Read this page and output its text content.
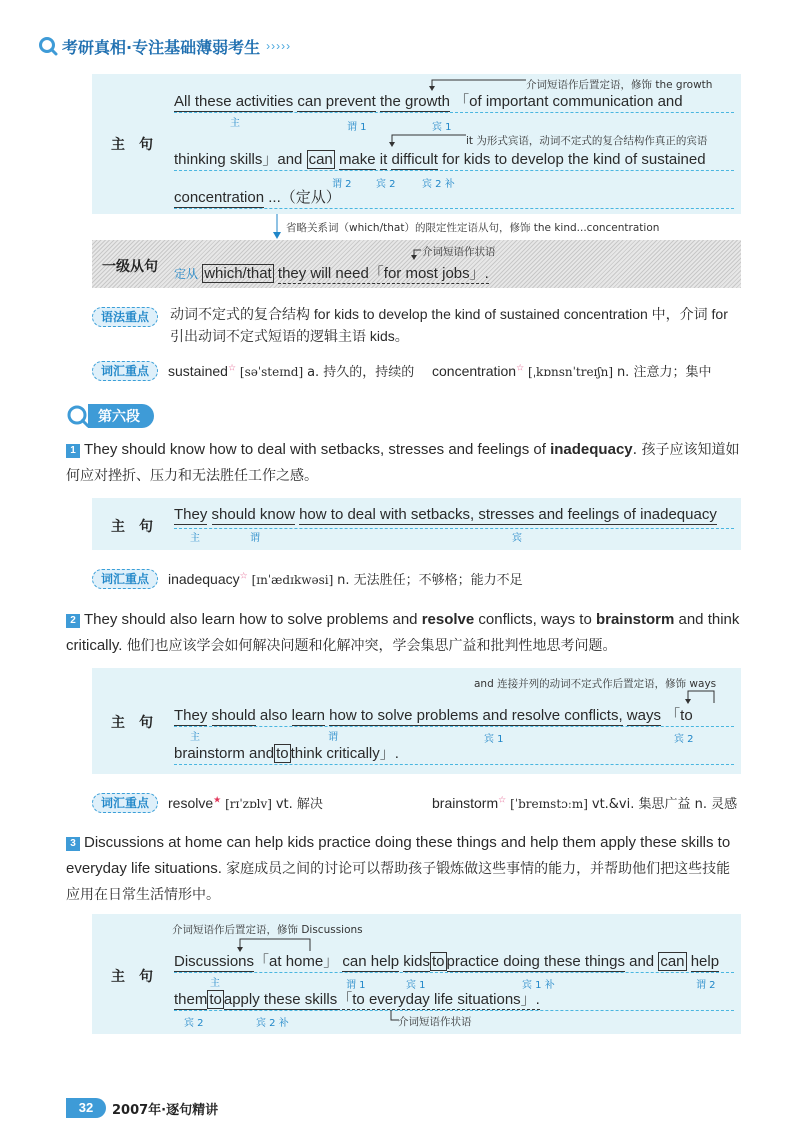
考研真相·专注基础薄弱考生 ›››››
主　句
介词短语作后置定语，修饰 the growth
All these activities can prevent the growth 「of important communication and
主	谓 1	宾 1
it 为形式宾语，动词不定式的复合结构作真正的宾语
thinking skills」and can make it difficult for kids to develop the kind of sustained
谓 2 宾 2	宾 2 补
concentration ...（定从）
省略关系词（which/that）的限定性定语从句，修饰 the kind...concentration
一级从句
介词短语作状语
定从 which/that they will need「for most jobs」.
语法重点	动词不定式的复合结构 for kids to develop the kind of sustained concentration 中，介词 for 引出动词不定式短语的逻辑主语 kids。
词汇重点	sustained☆ [səˈsteɪnd] a. 持久的，持续的 concentration☆ [ˌkɒnsnˈtreɪʃn] n. 注意力；集中
第六段
1 They should know how to deal with setbacks, stresses and feelings of inadequacy. 孩子应该知道如何应对挫折、压力和无法胜任工作之感。
主　句
They should know how to deal with setbacks, stresses and feelings of inadequacy
主	谓	宾
词汇重点	inadequacy☆ [ɪnˈædɪkwəsi] n. 无法胜任；不够格；能力不足
2 They should also learn how to solve problems and resolve conflicts, ways to brainstorm and think critically. 他们也应该学会如何解决问题和化解冲突，学会集思广益和批判性地思考问题。
主　句
and 连接并列的动词不定式作后置定语，修饰 ways
They should also learn how to solve problems and resolve conflicts, ways 「to
主	谓	宾 1	宾 2
brainstorm and to think critically」.
词汇重点	resolve★ [rɪˈzɒlv] vt. 解决	brainstorm☆ [ˈbreɪnstɔːm] vt.&vi. 集思广益 n. 灵感
3 Discussions at home can help kids practice doing these things and help them apply these skills to everyday life situations. 家庭成员之间的讨论可以帮助孩子锻炼做这些事情的能力，并帮助他们把这些技能应用在日常生活情形中。
主　句
介词短语作后置定语，修饰 Discussions
Discussions「at home」 can help kids to practice doing these things and can help
主	谓 1	宾 1	宾 1 补	谓 2
them to apply these skills「to everyday life situations」.
宾 2	宾 2 补	介词短语作状语
32	2007年·逐句精讲
